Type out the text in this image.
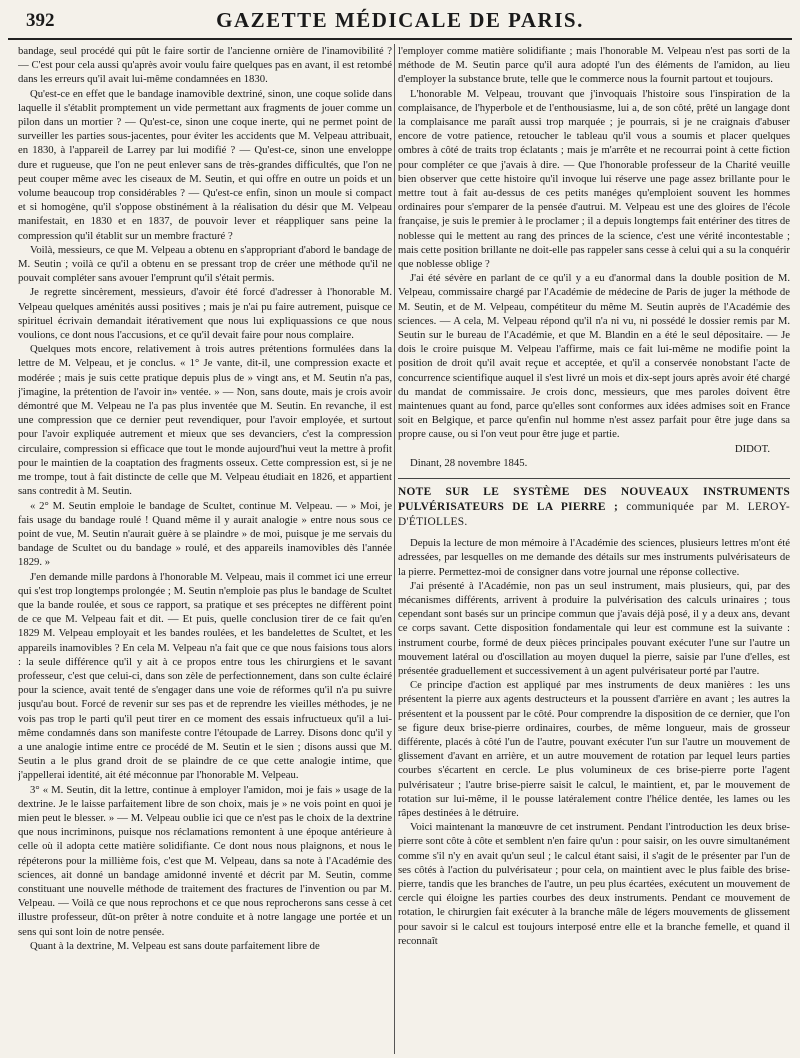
392	GAZETTE MÉDICALE DE PARIS.

bandage, seul procédé qui pût le faire sortir de l'ancienne ornière de l'inamovibilité ? — C'est pour cela aussi qu'après avoir voulu faire quelques pas en avant, il est retombé dans les erreurs qu'il avait lui-même condamnées en 1830.

Qu'est-ce en effet que le bandage inamovible dextriné, sinon, une coque solide dans laquelle il s'établit promptement un vide permettant aux fragments de jouer comme un pilon dans un mortier ? — Qu'est-ce, sinon une coque inerte, qui ne permet point de surveiller les parties sous-jacentes, pour éviter les accidents que M. Velpeau attribuait, en 1830, à l'appareil de Larrey par lui modifié ? — Qu'est-ce, sinon une enveloppe dure et rugueuse, que l'on ne peut enlever sans de très-grandes difficultés, que l'on ne peut couper même avec les ciseaux de M. Seutin, et qui offre en outre un poids et un volume beaucoup trop considérables ? — Qu'est-ce enfin, sinon un moule si compact et si homogène, qu'il s'oppose obstinément à la réalisation du désir que M. Velpeau manifestait, en 1830 et en 1837, de pouvoir lever et réappliquer sans peine la compression qu'il établit sur un membre fracturé ?

Voilà, messieurs, ce que M. Velpeau a obtenu en s'appropriant d'abord le bandage de M. Seutin ; voilà ce qu'il a obtenu en se pressant trop de créer une méthode qu'il ne pouvait compléter sans avouer l'emprunt qu'il s'était permis.

Je regrette sincèrement, messieurs, d'avoir été forcé d'adresser à l'honorable M. Velpeau quelques aménités aussi positives ; mais je n'ai pu faire autrement, puisque ce spirituel écrivain demandait itérativement que nous lui expliquassions ce que nous voulions, ce dont nous l'accusions, et ce qu'il devait faire pour nous complaire.

Quelques mots encore, relativement à trois autres prétentions formulées dans la lettre de M. Velpeau, et je conclus. « 1° Je vante, dit-il, une compression exacte et modérée ; mais je suis cette pratique depuis plus de » vingt ans, et M. Seutin n'a pas, j'imagine, la prétention de l'avoir in» ventée. » — Non, sans doute, mais je crois avoir démontré que M. Velpeau ne l'a pas plus inventée que M. Seutin. En revanche, il est une compression que ce dernier peut revendiquer, pour l'avoir employée, et surtout pour l'avoir expliquée autrement et mieux que ses devanciers, c'est la compression circulaire, compression si efficace que tout le monde aujourd'hui veut la mettre à profit pour le maintien de la coaptation des fragments osseux. Cette compression est, si je ne me trompe, tout à fait distincte de celle que M. Velpeau étudiait en 1826, et appartient sans contredit à M. Seutin.

« 2° M. Seutin emploie le bandage de Scultet, continue M. Velpeau. — » Moi, je fais usage du bandage roulé ! Quand même il y aurait analogie » entre nous sous ce point de vue, M. Seutin n'aurait guère à se plaindre » de moi, puisque je me servais du bandage de Scultet ou du bandage » roulé, et des appareils inamovibles dès l'année 1829. »

J'en demande mille pardons à l'honorable M. Velpeau, mais il commet ici une erreur qui s'est trop longtemps prolongée ; M. Seutin n'emploie pas plus le bandage de Scultet que la bande roulée, et sous ce rapport, sa pratique et ses préceptes ne diffèrent point de ce que M. Velpeau fait et dit. — Et puis, quelle conclusion tirer de ce fait qu'en 1829 M. Velpeau employait et les bandes roulées, et les bandelettes de Scultet, et les appareils inamovibles ? En cela M. Velpeau n'a fait que ce que nous faisions tous alors : la seule différence qu'il y ait à ce propos entre tous les chirurgiens et le savant professeur, c'est que celui-ci, dans son zèle de perfectionnement, dans son culte éclairé pour la science, avait tenté de s'engager dans une voie de réformes qu'il n'a pu suivre jusqu'au bout. Forcé de revenir sur ses pas et de reprendre les vieilles méthodes, je ne vois pas trop le parti qu'il peut tirer en ce moment des essais infructueux qu'il a lui-même condamnés dans son manifeste contre l'étoupade de Larrey. Disons donc qu'il y a une analogie intime entre ce procédé de M. Seutin et le sien ; disons aussi que M. Seutin a le plus grand droit de se plaindre de ce que cette analogie intime, que j'appellerai identité, ait été méconnue par l'honorable M. Velpeau.

3° « M. Seutin, dit la lettre, continue à employer l'amidon, moi je fais » usage de la dextrine. Je le laisse parfaitement libre de son choix, mais je » ne vois point en quoi je mien peut le blesser. » — M. Velpeau oublie ici que ce n'est pas le choix de la dextrine que nous incriminons, puisque nos réclamations remontent à une époque antérieure à celle où il adopta cette matière solidifiante. Ce dont nous nous plaignons, et nous le répéterons pour la millième fois, c'est que M. Velpeau, dans sa note à l'Académie des sciences, ait donné un bandage amidonné inventé et décrit par M. Seutin, comme constituant une nouvelle méthode de traitement des fractures de l'invention ou par M. Velpeau. — Voilà ce que nous reprochons et ce que nous reprocherons sans cesse à cet illustre professeur, dût-on prêter à notre conduite et à notre langage une portée et un sens qui sont loin de notre pensée.

Quant à la dextrine, M. Velpeau est sans doute parfaitement libre de

l'employer comme matière solidifiante ; mais l'honorable M. Velpeau n'est pas sorti de la méthode de M. Seutin parce qu'il aura adopté l'un des éléments de l'amidon, au lieu d'employer la substance brute, telle que le commerce nous la fournit partout et toujours.

L'honorable M. Velpeau, trouvant que j'invoquais l'histoire sous l'inspiration de la complaisance, de l'hyperbole et de l'enthousiasme, lui a, de son côté, prêté un langage dont la complaisance me paraît aussi trop marquée ; je pourrais, si je ne craignais d'abuser encore de votre patience, retoucher le tableau qu'il vous a soumis et placer quelques ombres à côté de traits trop éclatants ; mais je m'arrête et ne recourrai point à cette fiction pour compléter ce que j'avais à dire. — Que l'honorable professeur de la Charité veuille bien observer que cette histoire qu'il invoque lui réserve une page assez brillante pour le mettre tout à fait au-dessus de ces petits manéges qu'emploient souvent les hommes ordinaires pour s'emparer de la pensée d'autrui. M. Velpeau est une des gloires de l'école française, je suis le premier à le proclamer ; il a depuis longtemps fait entériner des titres de noblesse qui le mettent au rang des princes de la science, c'est une vérité incontestable ; mais cette position brillante ne doit-elle pas rappeler sans cesse à celui qui a su la conquérir que noblesse oblige ?

J'ai été sévère en parlant de ce qu'il y a eu d'anormal dans la double position de M. Velpeau, commissaire chargé par l'Académie de médecine de Paris de juger la méthode de M. Seutin, et de M. Velpeau, compétiteur du même M. Seutin auprès de l'Académie des sciences. — A cela, M. Velpeau répond qu'il n'a ni vu, ni possédé le dossier remis par M. Seutin sur le bureau de l'Académie, et que M. Blandin en a été le seul dépositaire. — Je dois le croire puisque M. Velpeau l'affirme, mais ce fait lui-même ne modifie point la position de droit qu'il avait reçue et acceptée, et qu'il a conservée nonobstant l'acte de concurrence scientifique auquel il s'est livré un mois et dix-sept jours après avoir été chargé du mandat de commissaire. Je crois donc, messieurs, que mes paroles doivent être maintenues quant au fond, parce qu'elles sont conformes aux idées admises soit en France soit en Belgique, et parce qu'enfin nul homme n'est assez parfait pour être juge dans sa propre cause, ou si l'on veut pour être juge et partie.

DIDOT.

Dinant, 28 novembre 1845.

NOTE SUR LE SYSTÈME DES NOUVEAUX INSTRUMENTS PULVÉRISATEURS DE LA PIERRE ; communiquée par M. LEROY-D'ÉTIOLLES.

Depuis la lecture de mon mémoire à l'Académie des sciences, plusieurs lettres m'ont été adressées, par lesquelles on me demande des détails sur mes instruments pulvérisateurs de la pierre. Permettez-moi de consigner dans votre journal une réponse collective.

J'ai présenté à l'Académie, non pas un seul instrument, mais plusieurs, qui, par des mécanismes différents, arrivent à produire la pulvérisation des calculs urinaires ; tous cependant sont basés sur un principe commun que j'avais déjà posé, il y a deux ans, devant ce corps savant. Cette disposition fondamentale qui leur est commune est la suivante : instrument courbe, formé de deux pièces principales pouvant exécuter l'une sur l'autre un mouvement latéral ou d'oscillation au moyen duquel la pierre, saisie par l'une d'elles, est présentée graduellement et successivement à un agent pulvérisateur porté par l'autre.

Ce principe d'action est appliqué par mes instruments de deux manières : les uns présentent la pierre aux agents destructeurs et la poussent d'arrière en avant ; les autres la présentent et la poussent par le côté. Pour comprendre la disposition de ce dernier, que l'on se figure deux brise-pierre ordinaires, courbes, de même longueur, mais de grosseur différente, placés à côté l'un de l'autre, pouvant exécuter l'un sur l'autre un mouvement de glissement d'avant en arrière, et un autre mouvement de rotation par lequel leurs parties courbes s'écartent en cercle. Le plus volumineux de ces brise-pierre porte l'agent pulvérisateur ; l'autre brise-pierre saisit le calcul, le maintient, et, par le mouvement de rotation sur lui-même, il le pousse latéralement contre l'hélice dentée, les lames ou les râpes destinées à le détruire.

Voici maintenant la manœuvre de cet instrument. Pendant l'introduction les deux brise-pierre sont côte à côte et semblent n'en faire qu'un : pour saisir, on les ouvre simultanément comme s'il n'y en avait qu'un seul ; le calcul étant saisi, il s'agit de le présenter par l'un de ses côtés à l'action du pulvérisateur ; pour cela, on maintient avec le plus faible des brise-pierre, tandis que les branches de l'autre, un peu plus écartées, exécutent un mouvement de cercle qui éloigne les parties courbes des deux instruments. Pendant ce mouvement de rotation, le chirurgien fait exécuter à la branche mâle de légers mouvements de glissement pour savoir si le calcul est toujours interposé entre elle et la branche femelle, et quand il reconnaît
